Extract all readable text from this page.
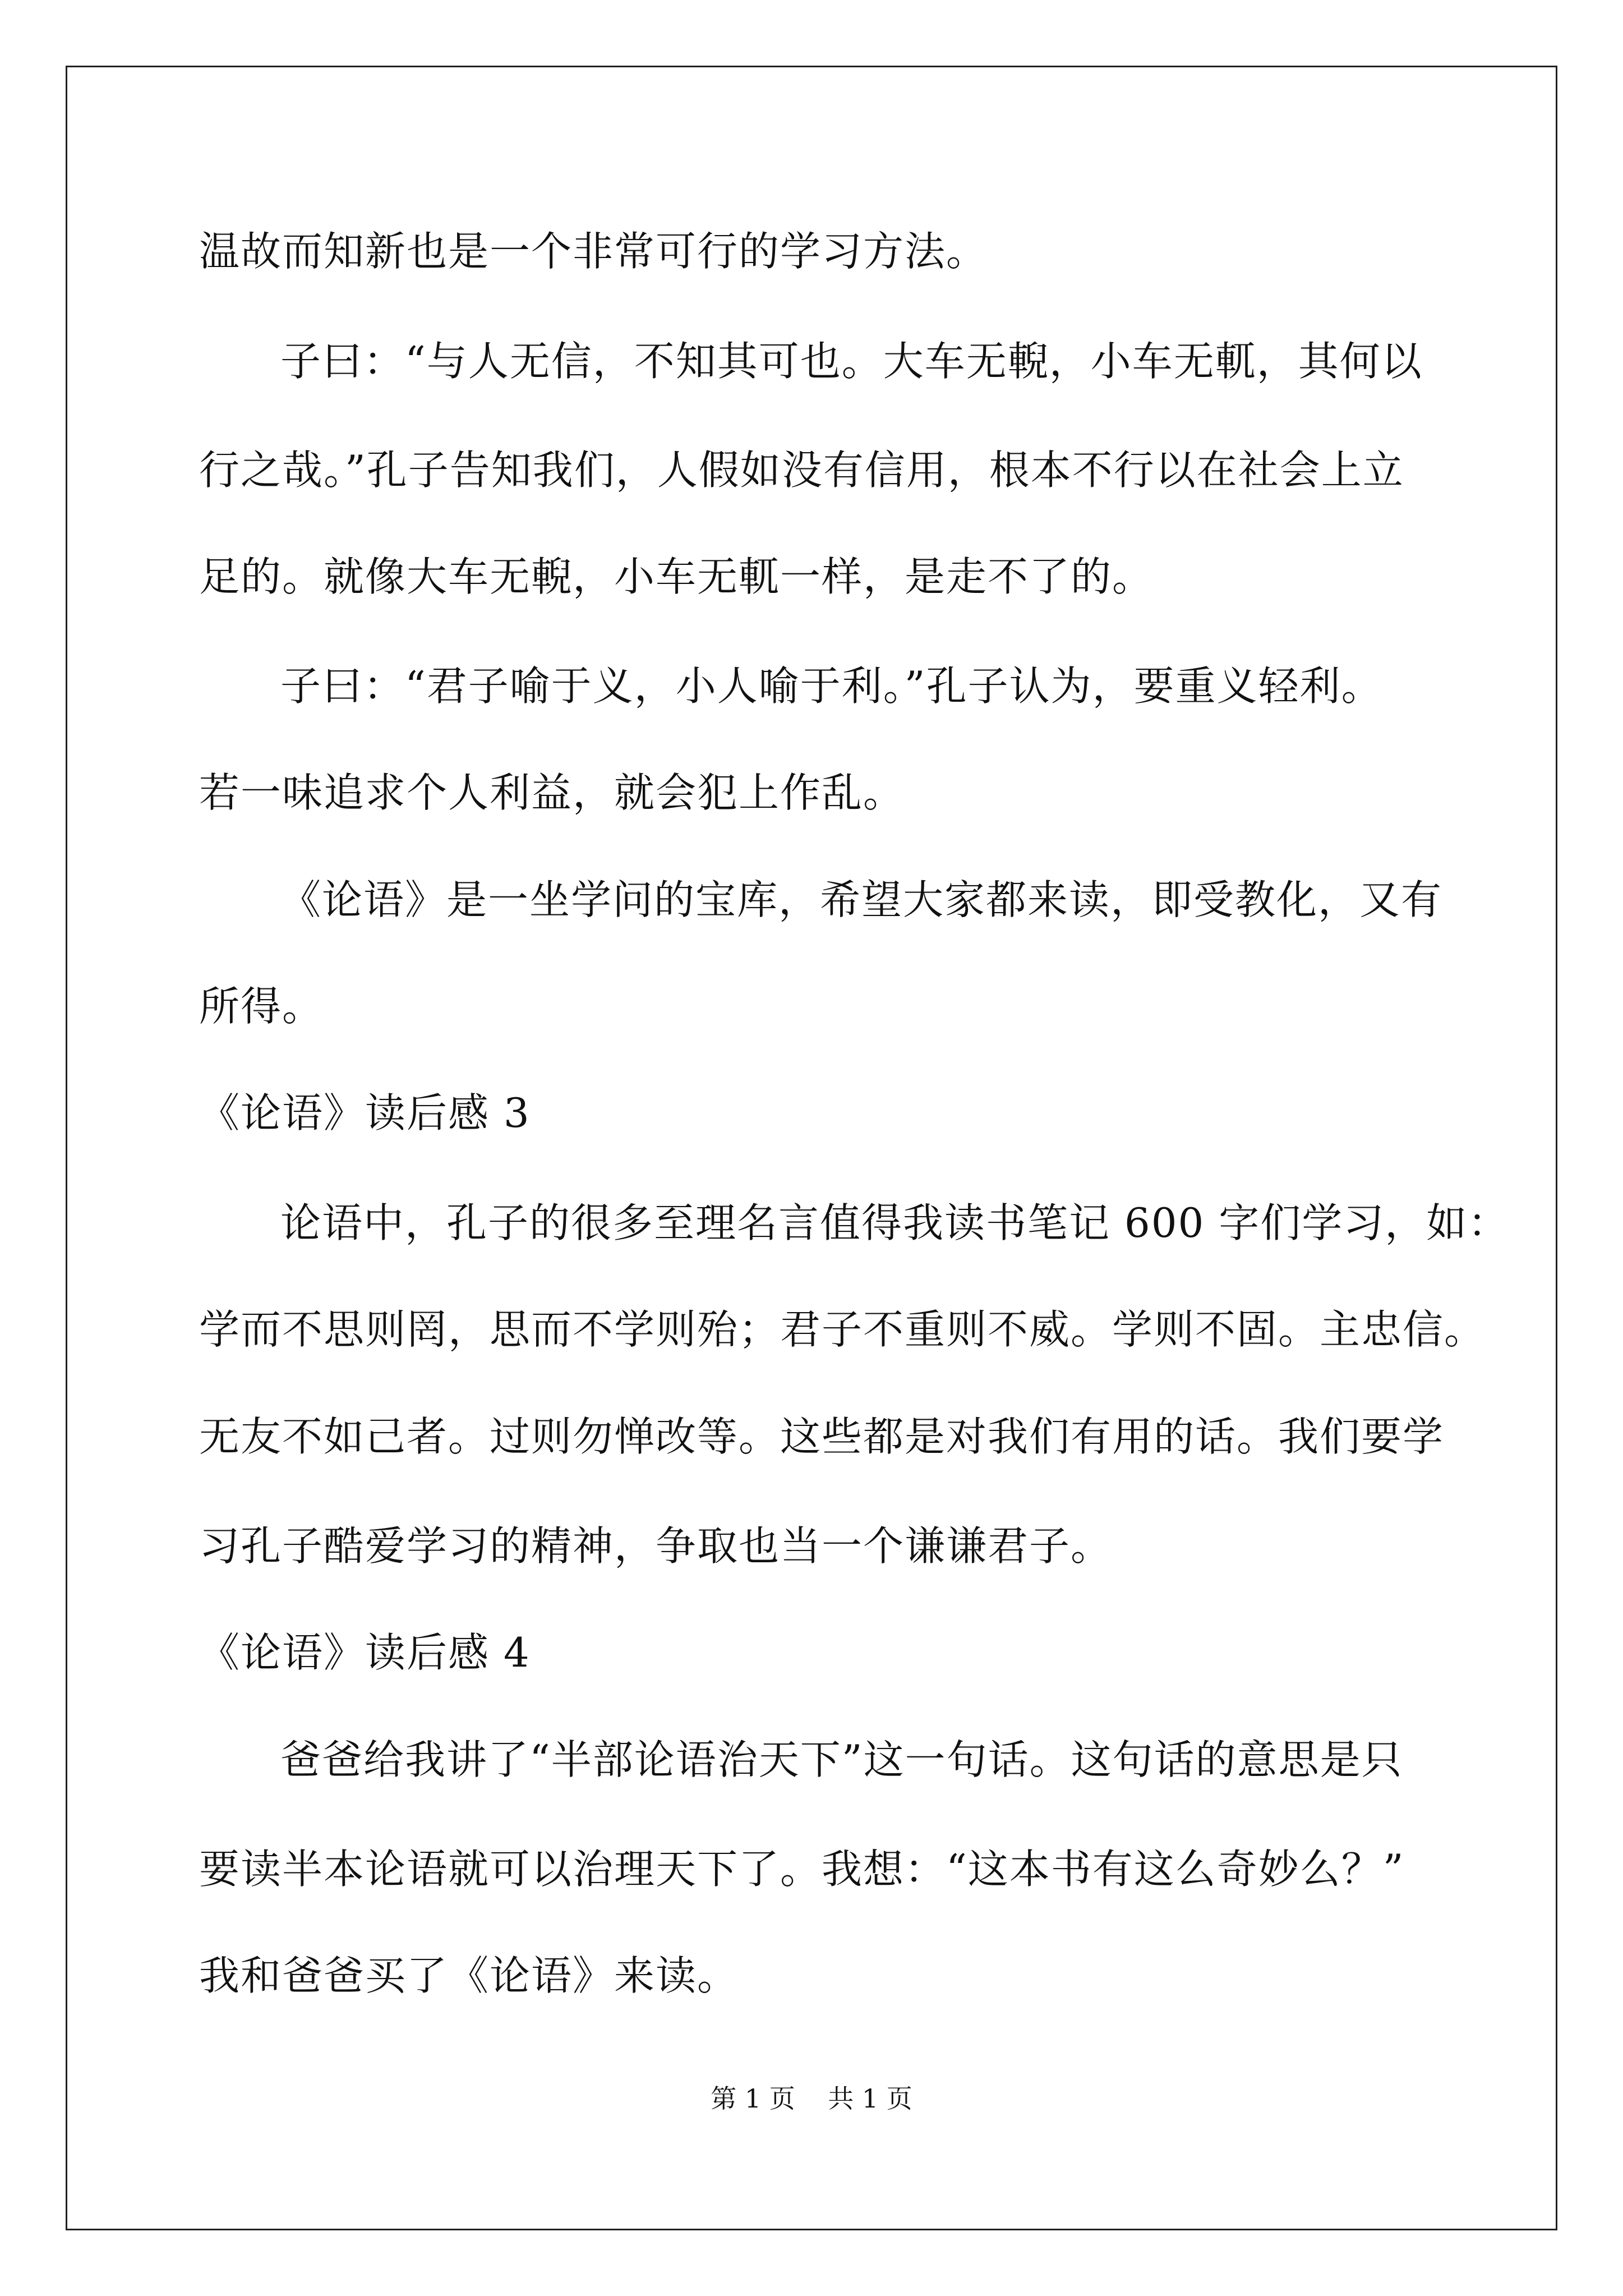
温故而知新也是一个非常可行的学习方法。
子曰：“与人无信，不知其可也。大车无輗，小车无軏，其何以
行之哉。”孔子告知我们，人假如没有信用，根本不行以在社会上立
足的。就像大车无輗，小车无軏一样，是走不了的。
子曰：“君子喻于义，小人喻于利。”孔子认为，要重义轻利。
若一味追求个人利益，就会犯上作乱。
《论语》是一坐学问的宝库，希望大家都来读，即受教化，又有
所得。
《论语》读后感 3
论语中，孔子的很多至理名言值得我读书笔记 600 字们学习，如：
学而不思则罔，思而不学则殆；君子不重则不威。学则不固。主忠信。
无友不如己者。过则勿惮改等。这些都是对我们有用的话。我们要学
习孔子酷爱学习的精神，争取也当一个谦谦君子。
《论语》读后感 4
爸爸给我讲了“半部论语治天下”这一句话。这句话的意思是只
要读半本论语就可以治理天下了。我想：“这本书有这么奇妙么？”
我和爸爸买了《论语》来读。
第 1 页    共 1 页
